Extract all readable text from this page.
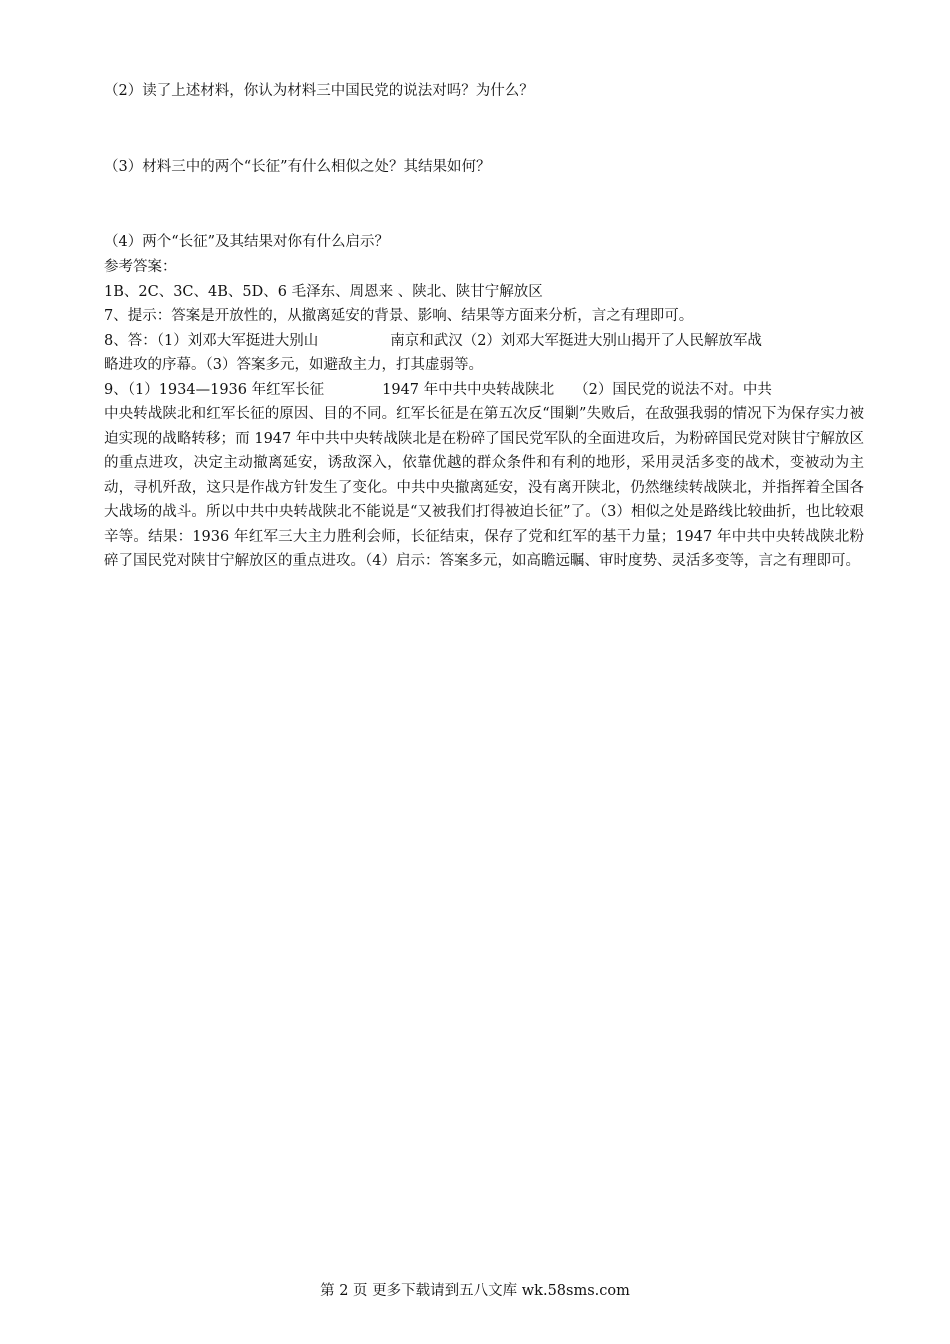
（2）读了上述材料，你认为材料三中国民党的说法对吗？为什么？
（3）材料三中的两个“长征”有什么相似之处？其结果如何？
（4）两个“长征”及其结果对你有什么启示？
参考答案：
1B、2C、3C、4B、5D、6 毛泽东、周恩来 、陕北、陕甘宁解放区
7、提示：答案是开放性的，从撤离延安的背景、影响、结果等方面来分析，言之有理即可。
8、答：（1）刘邓大军挺进大别山	南京和武汉（2）刘邓大军挺进大别山揭开了人民解放军战
略进攻的序幕。（3）答案多元，如避敌主力，打其虚弱等。
9、（1）1934—1936 年红军长征	1947 年中共中央转战陕北 （2）国民党的说法不对。中共
中央转战陕北和红军长征的原因、目的不同。红军长征是在第五次反“围剿”失败后，在敌强我弱的情况下为保存实力被迫实现的战略转移；而 1947 年中共中央转战陕北是在粉碎了国民党军队的全面进攻后，为粉碎国民党对陕甘宁解放区的重点进攻，决定主动撤离延安，诱敌深入，依靠优越的群众条件和有利的地形，采用灵活多变的战术，变被动为主动，寻机歼敌，这只是作战方针发生了变化。中共中央撤离延安，没有离开陕北，仍然继续转战陕北，并指挥着全国各大战场的战斗。所以中共中央转战陕北不能说是“又被我们打得被迫长征”了。（3）相似之处是路线比较曲折，也比较艰辛等。结果：1936 年红军三大主力胜利会师，长征结束，保存了党和红军的基干力量；1947 年中共中央转战陕北粉碎了国民党对陕甘宁解放区的重点进攻。（4）启示：答案多元，如高瞻远瞩、审时度势、灵活多变等，言之有理即可。
第 2 页 更多下载请到五八文库 wk.58sms.com
